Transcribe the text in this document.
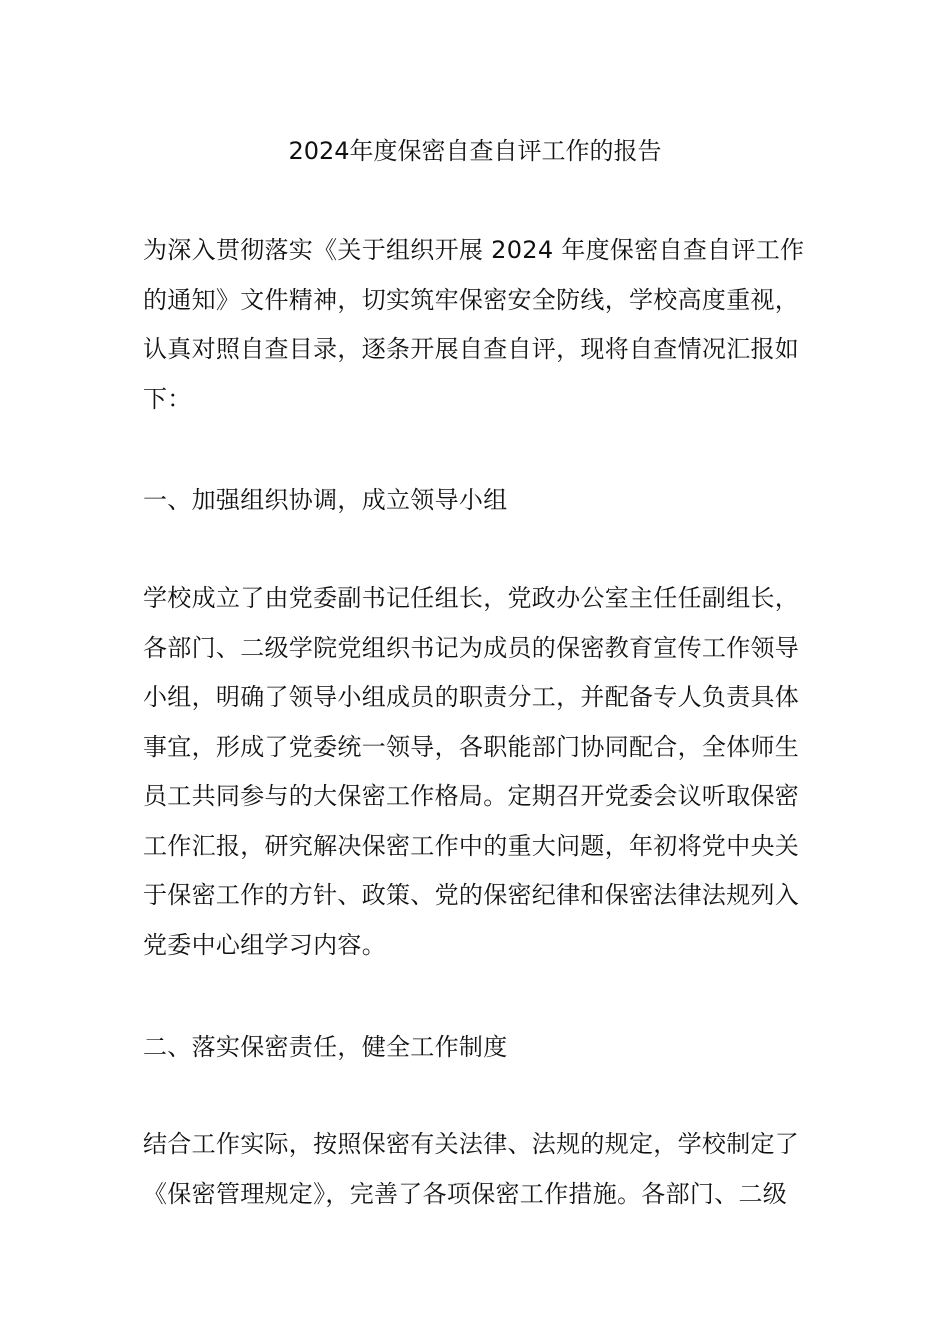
2024年度保密自查自评工作的报告

为深入贯彻落实《关于组织开展 2024 年度保密自查自评工作
的通知》文件精神，切实筑牢保密安全防线，学校高度重视，
认真对照自查目录，逐条开展自查自评，现将自查情况汇报如
下：

一、加强组织协调，成立领导小组

学校成立了由党委副书记任组长，党政办公室主任任副组长，
各部门、二级学院党组织书记为成员的保密教育宣传工作领导
小组，明确了领导小组成员的职责分工，并配备专人负责具体
事宜，形成了党委统一领导，各职能部门协同配合，全体师生
员工共同参与的大保密工作格局。定期召开党委会议听取保密
工作汇报，研究解决保密工作中的重大问题，年初将党中央关
于保密工作的方针、政策、党的保密纪律和保密法律法规列入
党委中心组学习内容。

二、落实保密责任，健全工作制度

结合工作实际，按照保密有关法律、法规的规定，学校制定了
《保密管理规定》，完善了各项保密工作措施。各部门、二级
